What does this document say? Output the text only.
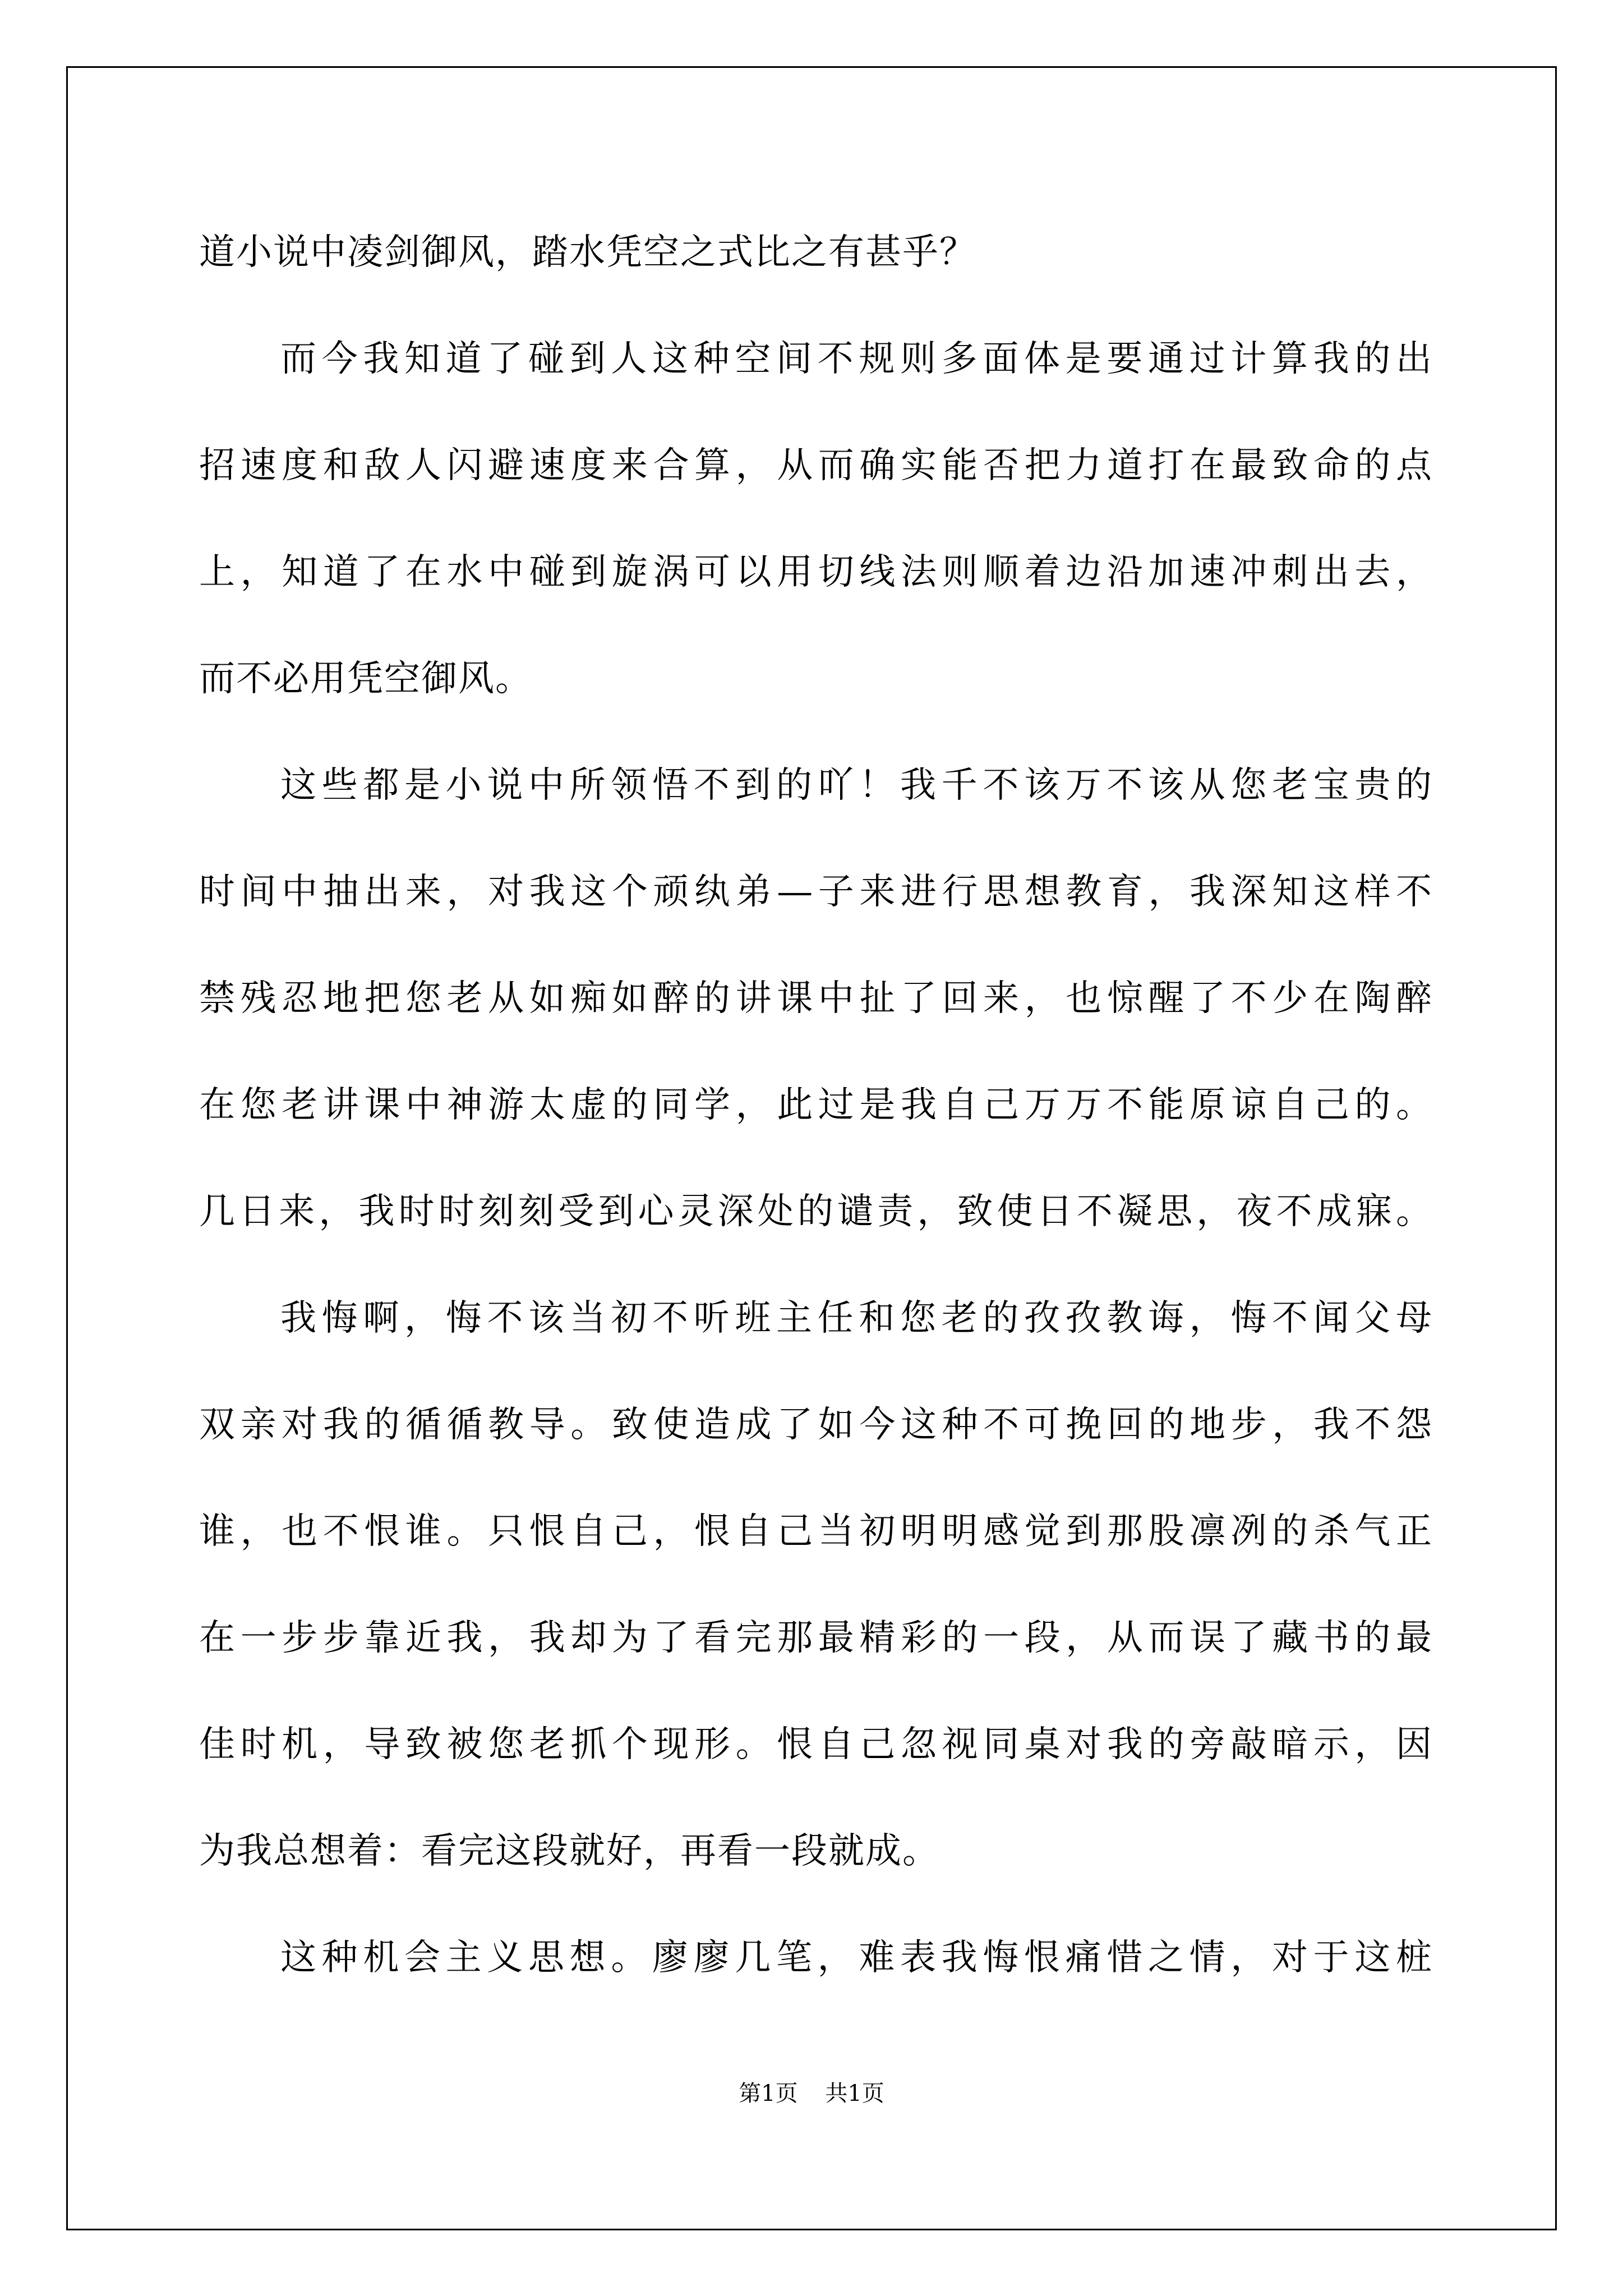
道小说中凌剑御风，踏水凭空之式比之有甚乎？
而今我知道了碰到人这种空间不规则多面体是要通过计算我的出
招速度和敌人闪避速度来合算，从而确实能否把力道打在最致命的点
上，知道了在水中碰到旋涡可以用切线法则顺着边沿加速冲刺出去，
而不必用凭空御风。
这些都是小说中所领悟不到的吖！我千不该万不该从您老宝贵的
时间中抽出来，对我这个顽纨弟—子来进行思想教育，我深知这样不
禁残忍地把您老从如痴如醉的讲课中扯了回来，也惊醒了不少在陶醉
在您老讲课中神游太虚的同学，此过是我自己万万不能原谅自己的。
几日来，我时时刻刻受到心灵深处的谴责，致使日不凝思，夜不成寐。
我悔啊，悔不该当初不听班主任和您老的孜孜教诲，悔不闻父母
双亲对我的循循教导。致使造成了如今这种不可挽回的地步，我不怨
谁，也不恨谁。只恨自己，恨自己当初明明感觉到那股凛冽的杀气正
在一步步靠近我，我却为了看完那最精彩的一段，从而误了藏书的最
佳时机，导致被您老抓个现形。恨自己忽视同桌对我的旁敲暗示，因
为我总想着：看完这段就好，再看一段就成。
这种机会主义思想。廖廖几笔，难表我悔恨痛惜之情，对于这桩
第1页 共1页
